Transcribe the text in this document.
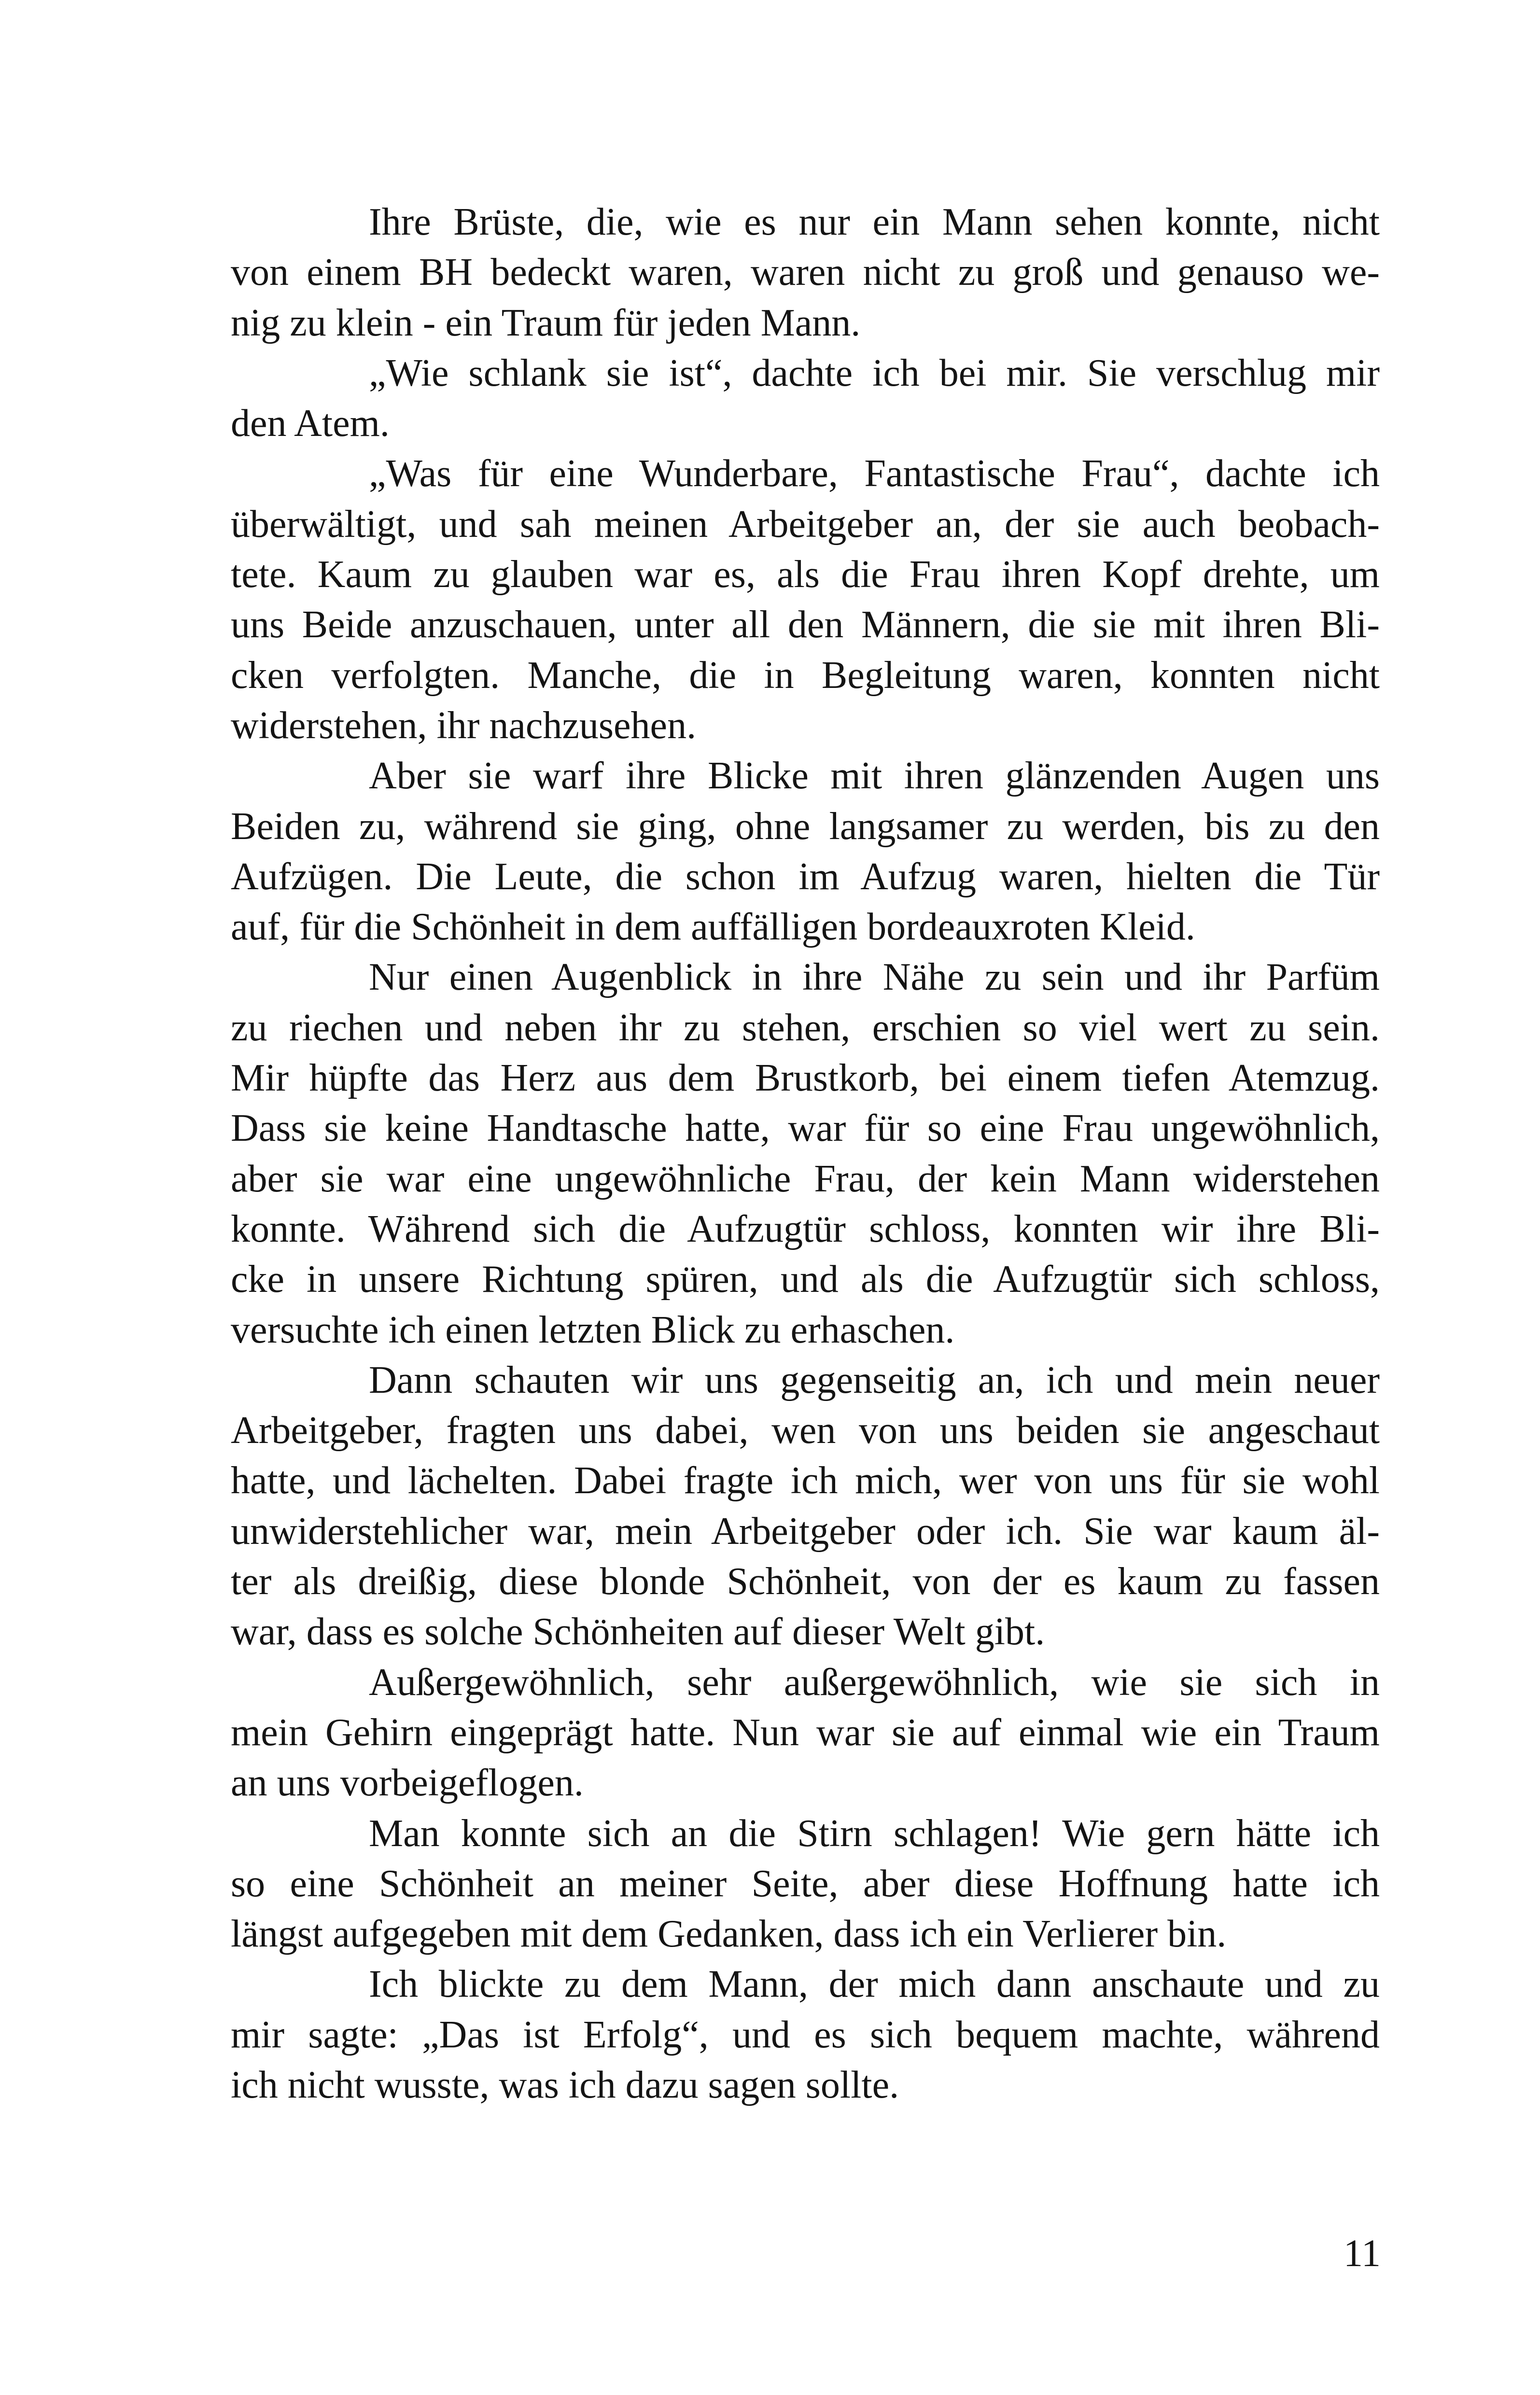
Ihre Brüste, die, wie es nur ein Mann sehen konnte, nicht
von einem BH bedeckt waren, waren nicht zu groß und genauso we-
nig zu klein - ein Traum für jeden Mann.
„Wie schlank sie ist“, dachte ich bei mir. Sie verschlug mir
den Atem.
„Was für eine Wunderbare, Fantastische Frau“, dachte ich
überwältigt, und sah meinen Arbeitgeber an, der sie auch beobach-
tete. Kaum zu glauben war es, als die Frau ihren Kopf drehte, um
uns Beide anzuschauen, unter all den Männern, die sie mit ihren Bli-
cken verfolgten. Manche, die in Begleitung waren, konnten nicht
widerstehen, ihr nachzusehen.
Aber sie warf ihre Blicke mit ihren glänzenden Augen uns
Beiden zu, während sie ging, ohne langsamer zu werden, bis zu den
Aufzügen. Die Leute, die schon im Aufzug waren, hielten die Tür
auf, für die Schönheit in dem auffälligen bordeauxroten Kleid.
Nur einen Augenblick in ihre Nähe zu sein und ihr Parfüm
zu riechen und neben ihr zu stehen, erschien so viel wert zu sein.
Mir hüpfte das Herz aus dem Brustkorb, bei einem tiefen Atemzug.
Dass sie keine Handtasche hatte, war für so eine Frau ungewöhnlich,
aber sie war eine ungewöhnliche Frau, der kein Mann widerstehen
konnte. Während sich die Aufzugtür schloss, konnten wir ihre Bli-
cke in unsere Richtung spüren, und als die Aufzugtür sich schloss,
versuchte ich einen letzten Blick zu erhaschen.
Dann schauten wir uns gegenseitig an, ich und mein neuer
Arbeitgeber, fragten uns dabei, wen von uns beiden sie angeschaut
hatte, und lächelten. Dabei fragte ich mich, wer von uns für sie wohl
unwiderstehlicher war, mein Arbeitgeber oder ich. Sie war kaum äl-
ter als dreißig, diese blonde Schönheit, von der es kaum zu fassen
war, dass es solche Schönheiten auf dieser Welt gibt.
Außergewöhnlich, sehr außergewöhnlich, wie sie sich in
mein Gehirn eingeprägt hatte. Nun war sie auf einmal wie ein Traum
an uns vorbeigeflogen.
Man konnte sich an die Stirn schlagen! Wie gern hätte ich
so eine Schönheit an meiner Seite, aber diese Hoffnung hatte ich
längst aufgegeben mit dem Gedanken, dass ich ein Verlierer bin.
Ich blickte zu dem Mann, der mich dann anschaute und zu
mir sagte: „Das ist Erfolg“, und es sich bequem machte, während
ich nicht wusste, was ich dazu sagen sollte.
11
